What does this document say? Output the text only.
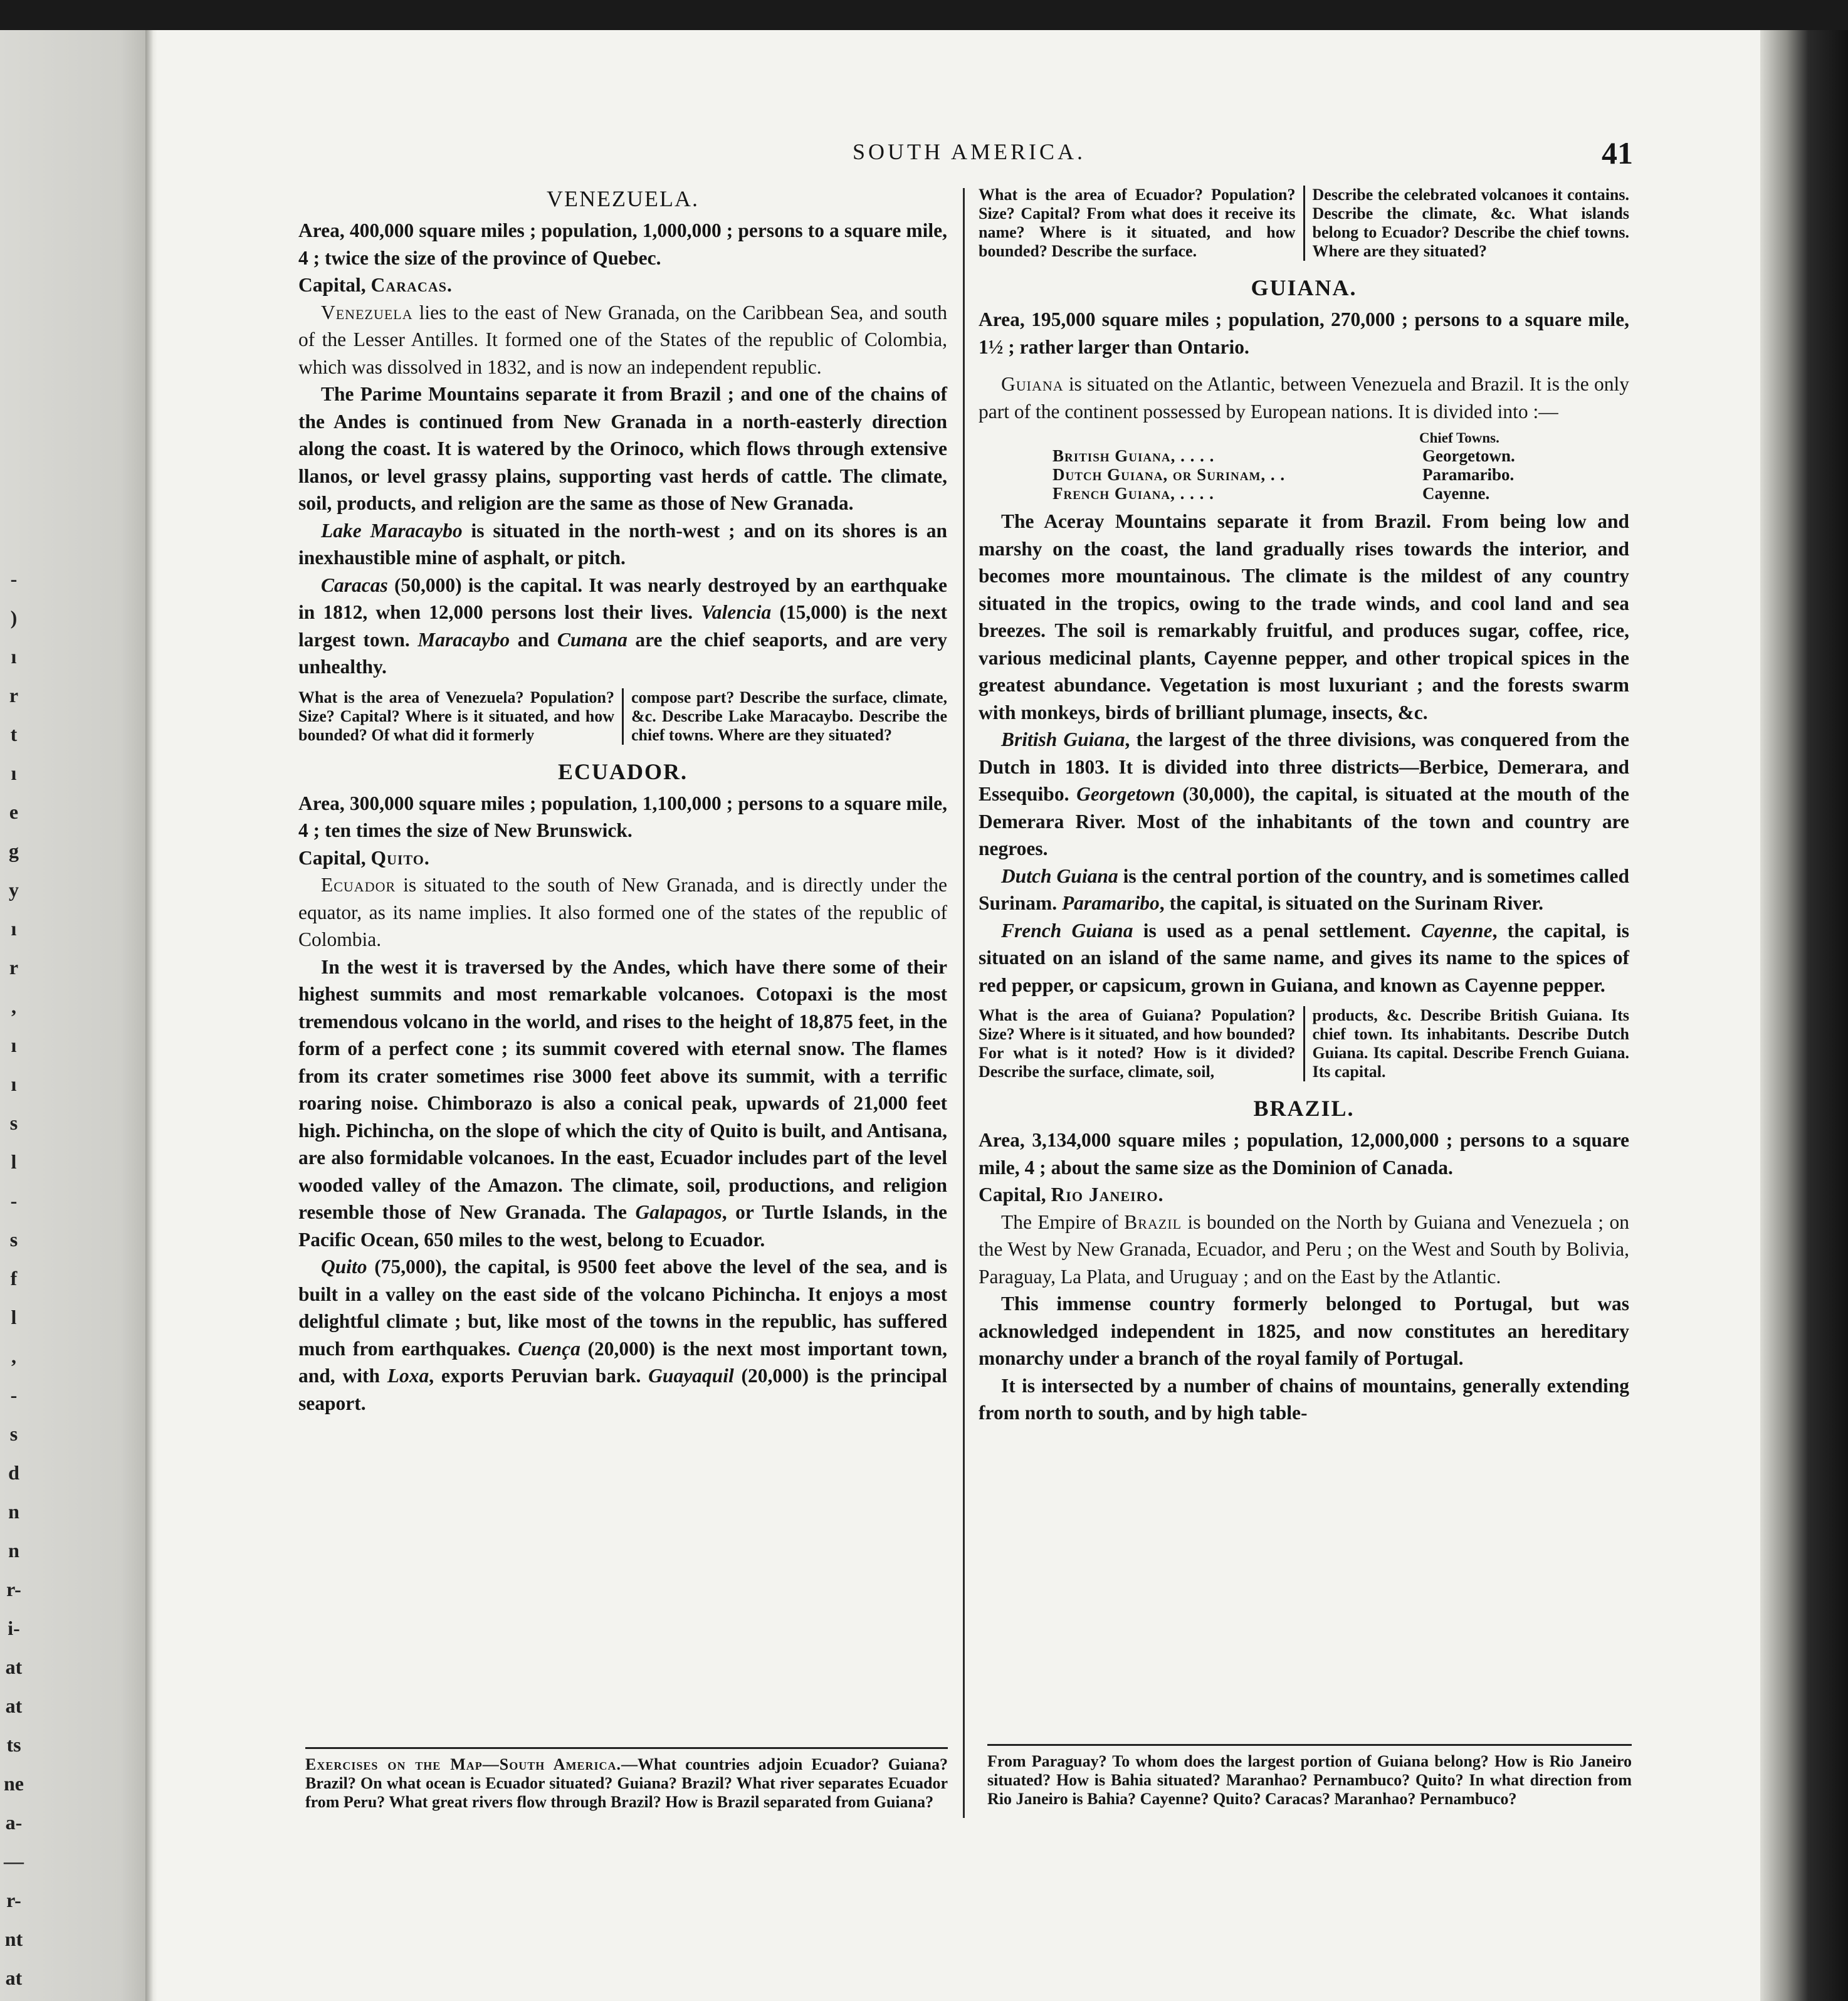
-
)
ı
r
t
ı
e
g
y
ı
r
,
ı
ı
s
l
-
s
f
l
,
-
s
d
n
n
r-
i-
at
at
ts
ne
a-
—
r-
nt
at
SOUTH AMERICA.	41
VENEZUELA.

Area, 400,000 square miles ; population, 1,000,000 ; persons to a square mile, 4 ; twice the size of the province of Quebec.

Capital, Caracas.

Venezuela lies to the east of New Granada, on the Caribbean Sea, and south of the Lesser Antilles. It formed one of the States of the republic of Colombia, which was dissolved in 1832, and is now an independent republic.

The Parime Mountains separate it from Brazil ; and one of the chains of the Andes is continued from New Granada in a north-easterly direction along the coast. It is watered by the Orinoco, which flows through extensive llanos, or level grassy plains, supporting vast herds of cattle. The climate, soil, products, and religion are the same as those of New Granada.

Lake Maracaybo is situated in the north-west ; and on its shores is an inexhaustible mine of asphalt, or pitch.

Caracas (50,000) is the capital. It was nearly destroyed by an earthquake in 1812, when 12,000 persons lost their lives. Valencia (15,000) is the next largest town. Maracaybo and Cumana are the chief seaports, and are very unhealthy.

What is the area of Venezuela? Population? Size? Capital? Where is it situated, and how bounded? Of what did it formerly
compose part? Describe the surface, climate, &c. Describe Lake Maracaybo. Describe the chief towns. Where are they situated?
ECUADOR.

Area, 300,000 square miles ; population, 1,100,000 ; persons to a square mile, 4 ; ten times the size of New Brunswick.

Capital, Quito.

Ecuador is situated to the south of New Granada, and is directly under the equator, as its name implies. It also formed one of the states of the republic of Colombia.

In the west it is traversed by the Andes, which have there some of their highest summits and most remarkable volcanoes. Cotopaxi is the most tremendous volcano in the world, and rises to the height of 18,875 feet, in the form of a perfect cone ; its summit covered with eternal snow. The flames from its crater sometimes rise 3000 feet above its summit, with a terrific roaring noise. Chimborazo is also a conical peak, upwards of 21,000 feet high. Pichincha, on the slope of which the city of Quito is built, and Antisana, are also formidable volcanoes. In the east, Ecuador includes part of the level wooded valley of the Amazon. The climate, soil, productions, and religion resemble those of New Granada. The Galapagos, or Turtle Islands, in the Pacific Ocean, 650 miles to the west, belong to Ecuador.

Quito (75,000), the capital, is 9500 feet above the level of the sea, and is built in a valley on the east side of the volcano Pichincha. It enjoys a most delightful climate ; but, like most of the towns in the republic, has suffered much from earthquakes. Cuença (20,000) is the next most important town, and, with Loxa, exports Peruvian bark. Guayaquil (20,000) is the principal seaport.

Exercises on the Map—South America.—What countries adjoin Ecuador? Guiana? Brazil? On what ocean is Ecuador situated? Guiana? Brazil? What river separates Ecuador from Peru? What great rivers flow through Brazil? How is Brazil separated from Guiana?
What is the area of Ecuador? Population? Size? Capital? From what does it receive its name? Where is it situated, and how bounded? Describe the surface.
Describe the celebrated volcanoes it contains. Describe the climate, &c. What islands belong to Ecuador? Describe the chief towns. Where are they situated?
GUIANA.

Area, 195,000 square miles ; population, 270,000 ; persons to a square mile, 1½ ; rather larger than Ontario.

Guiana is situated on the Atlantic, between Venezuela and Brazil. It is the only part of the continent possessed by European nations. It is divided into :—

Chief Towns.
British Guiana, . . . .	Georgetown.
Dutch Guiana, or Surinam, . .	Paramaribo.
French Guiana, . . . .	Cayenne.

The Aceray Mountains separate it from Brazil. From being low and marshy on the coast, the land gradually rises towards the interior, and becomes more mountainous. The climate is the mildest of any country situated in the tropics, owing to the trade winds, and cool land and sea breezes. The soil is remarkably fruitful, and produces sugar, coffee, rice, various medicinal plants, Cayenne pepper, and other tropical spices in the greatest abundance. Vegetation is most luxuriant ; and the forests swarm with monkeys, birds of brilliant plumage, insects, &c.

British Guiana, the largest of the three divisions, was conquered from the Dutch in 1803. It is divided into three districts—Berbice, Demerara, and Essequibo. Georgetown (30,000), the capital, is situated at the mouth of the Demerara River. Most of the inhabitants of the town and country are negroes.

Dutch Guiana is the central portion of the country, and is sometimes called Surinam. Paramaribo, the capital, is situated on the Surinam River.

French Guiana is used as a penal settlement. Cayenne, the capital, is situated on an island of the same name, and gives its name to the spices of red pepper, or capsicum, grown in Guiana, and known as Cayenne pepper.

What is the area of Guiana? Population? Size? Where is it situated, and how bounded? For what is it noted? How is it divided? Describe the surface, climate, soil,
products, &c. Describe British Guiana. Its chief town. Its inhabitants. Describe Dutch Guiana. Its capital. Describe French Guiana. Its capital.
BRAZIL.

Area, 3,134,000 square miles ; population, 12,000,000 ; persons to a square mile, 4 ; about the same size as the Dominion of Canada.

Capital, Rio Janeiro.

The Empire of Brazil is bounded on the North by Guiana and Venezuela ; on the West by New Granada, Ecuador, and Peru ; on the West and South by Bolivia, Paraguay, La Plata, and Uruguay ; and on the East by the Atlantic.

This immense country formerly belonged to Portugal, but was acknowledged independent in 1825, and now constitutes an hereditary monarchy under a branch of the royal family of Portugal.

It is intersected by a number of chains of mountains, generally extending from north to south, and by high table-

From Paraguay? To whom does the largest portion of Guiana belong? How is Rio Janeiro situated? How is Bahia situated? Maranhao? Pernambuco? Quito? In what direction from Rio Janeiro is Bahia? Cayenne? Quito? Caracas? Maranhao? Pernambuco?
